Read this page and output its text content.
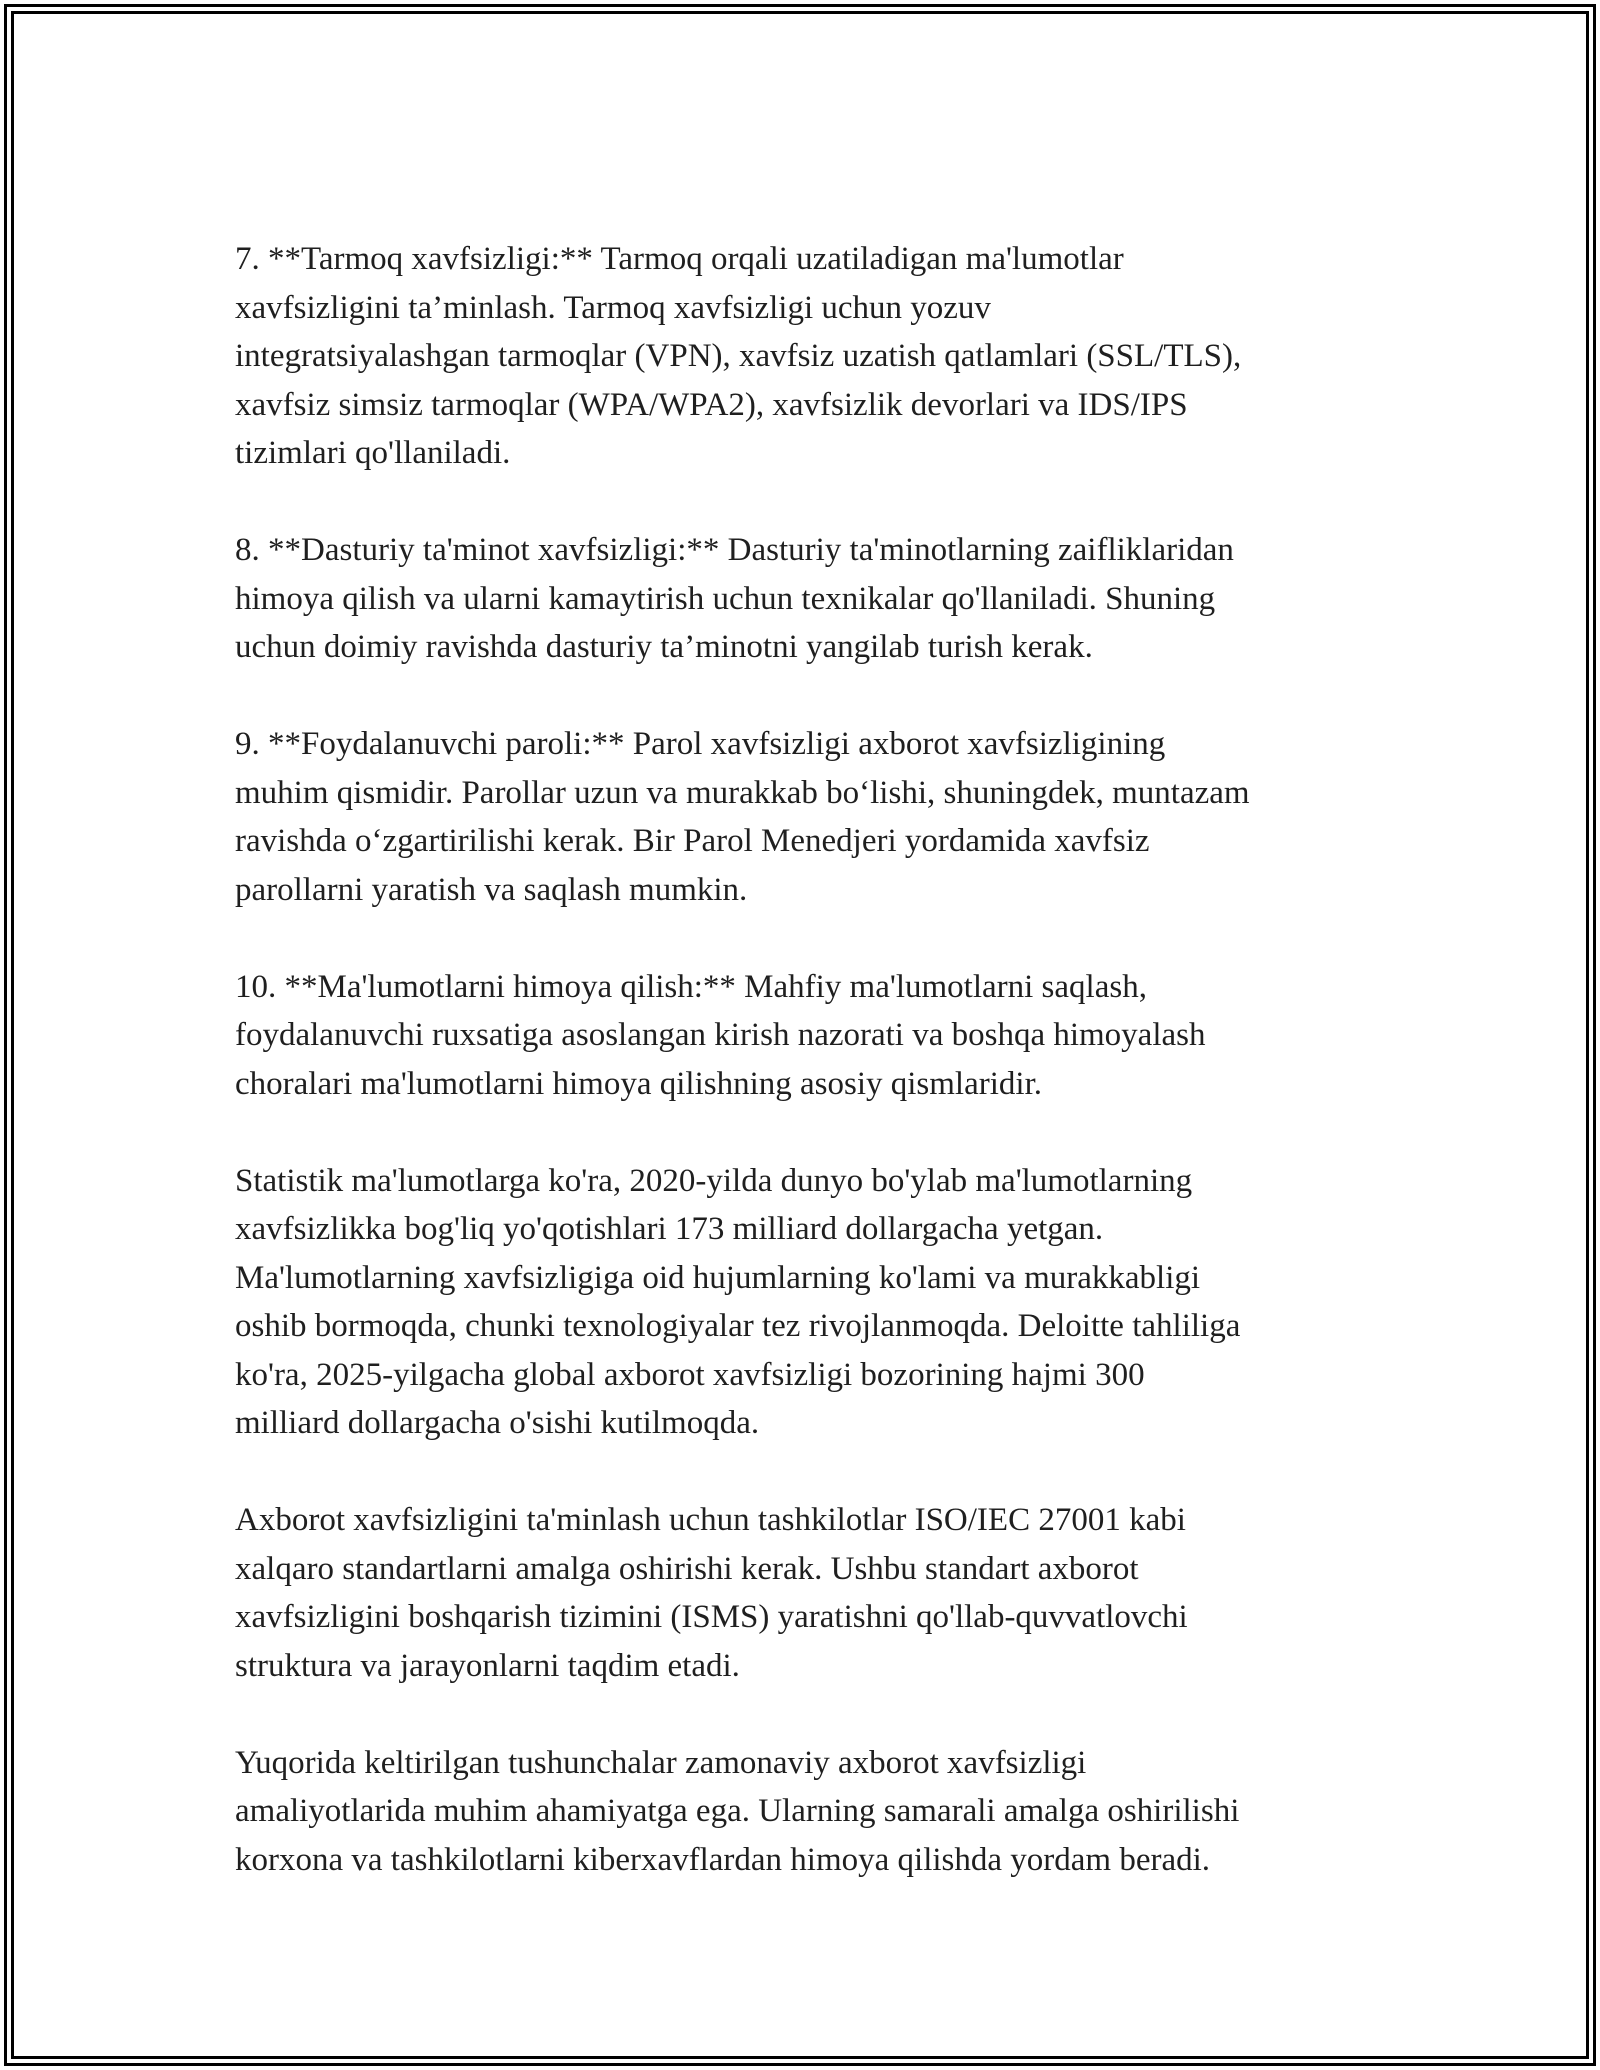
7. **Tarmoq xavfsizligi:** Tarmoq orqali uzatiladigan ma'lumotlar
xavfsizligini ta’minlash. Tarmoq xavfsizligi uchun yozuv
integratsiyalashgan tarmoqlar (VPN), xavfsiz uzatish qatlamlari (SSL/TLS),
xavfsiz simsiz tarmoqlar (WPA/WPA2), xavfsizlik devorlari va IDS/IPS
tizimlari qo'llaniladi.

8. **Dasturiy ta'minot xavfsizligi:** Dasturiy ta'minotlarning zaifliklaridan
himoya qilish va ularni kamaytirish uchun texnikalar qo'llaniladi. Shuning
uchun doimiy ravishda dasturiy ta’minotni yangilab turish kerak.

9. **Foydalanuvchi paroli:** Parol xavfsizligi axborot xavfsizligining
muhim qismidir. Parollar uzun va murakkab bo‘lishi, shuningdek, muntazam
ravishda o‘zgartirilishi kerak. Bir Parol Menedjeri yordamida xavfsiz
parollarni yaratish va saqlash mumkin.

10. **Ma'lumotlarni himoya qilish:** Mahfiy ma'lumotlarni saqlash,
foydalanuvchi ruxsatiga asoslangan kirish nazorati va boshqa himoyalash
choralari ma'lumotlarni himoya qilishning asosiy qismlaridir.

Statistik ma'lumotlarga ko'ra, 2020-yilda dunyo bo'ylab ma'lumotlarning
xavfsizlikka bog'liq yo'qotishlari 173 milliard dollargacha yetgan.
Ma'lumotlarning xavfsizligiga oid hujumlarning ko'lami va murakkabligi
oshib bormoqda, chunki texnologiyalar tez rivojlanmoqda. Deloitte tahliliga
ko'ra, 2025-yilgacha global axborot xavfsizligi bozorining hajmi 300
milliard dollargacha o'sishi kutilmoqda.

Axborot xavfsizligini ta'minlash uchun tashkilotlar ISO/IEC 27001 kabi
xalqaro standartlarni amalga oshirishi kerak. Ushbu standart axborot
xavfsizligini boshqarish tizimini (ISMS) yaratishni qo'llab-quvvatlovchi
struktura va jarayonlarni taqdim etadi.

Yuqorida keltirilgan tushunchalar zamonaviy axborot xavfsizligi
amaliyotlarida muhim ahamiyatga ega. Ularning samarali amalga oshirilishi
korxona va tashkilotlarni kiberxavflardan himoya qilishda yordam beradi.
